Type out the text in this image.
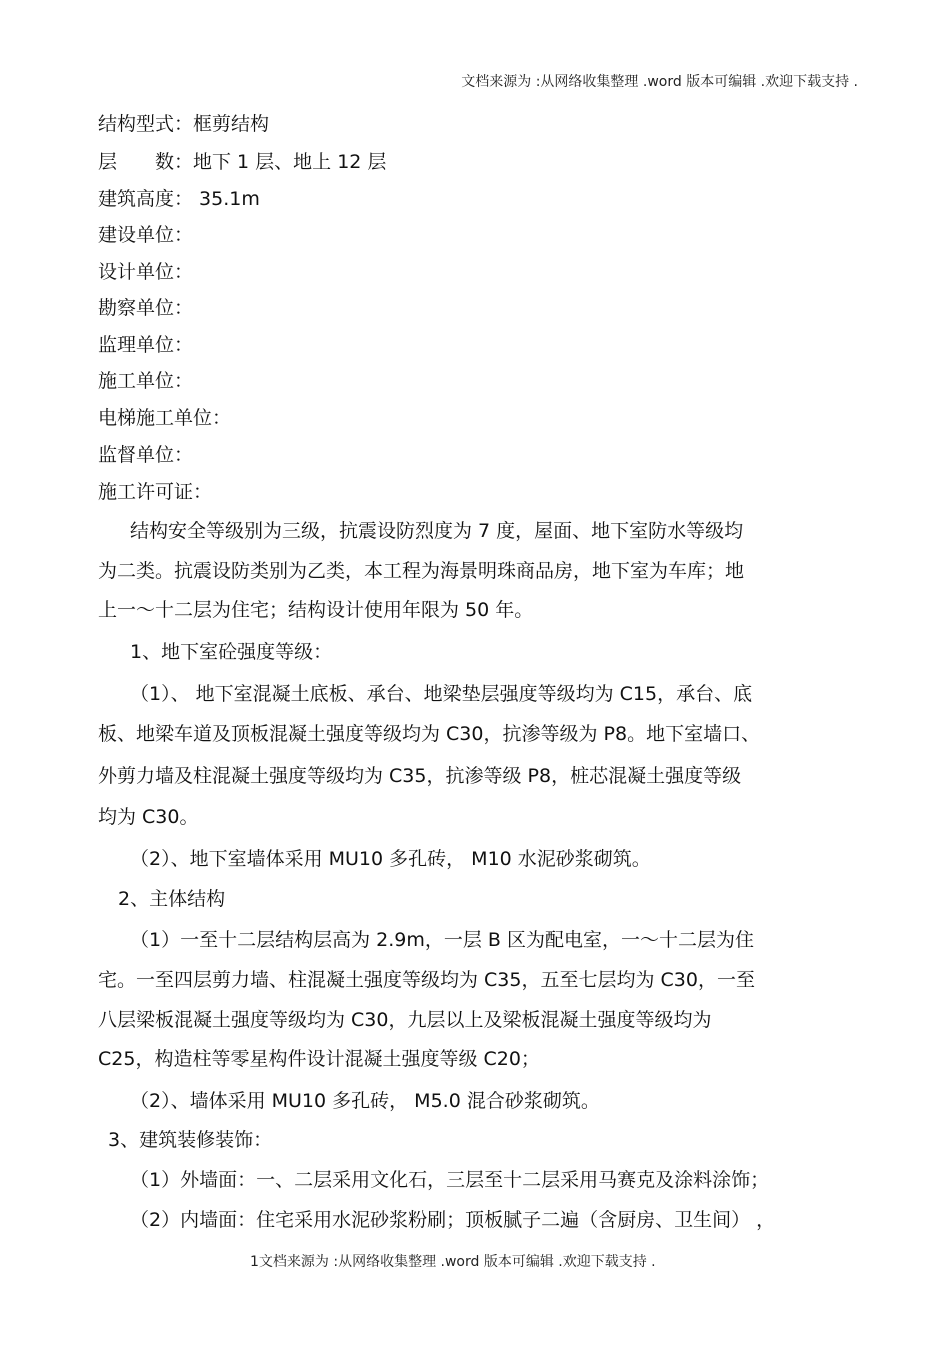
文档来源为 :从网络收集整理 .word 版本可编辑 .欢迎下载支持 .
结构型式：框剪结构
层　　数：地下 1 层、地上 12 层
建筑高度： 35.1m
建设单位：
设计单位：
勘察单位：
监理单位：
施工单位：
电梯施工单位：
监督单位：
施工许可证：
结构安全等级别为三级，抗震设防烈度为 7 度，屋面、地下室防水等级均
为二类。抗震设防类别为乙类，本工程为海景明珠商品房，地下室为车库；地
上一～十二层为住宅；结构设计使用年限为 50 年。
1、地下室砼强度等级：
（1）、 地下室混凝土底板、承台、地梁垫层强度等级均为 C15，承台、底
板、地梁车道及顶板混凝土强度等级均为 C30，抗渗等级为 P8。地下室墙口、
外剪力墙及柱混凝土强度等级均为 C35，抗渗等级 P8，桩芯混凝土强度等级
均为 C30。
（2）、地下室墙体采用 MU10 多孔砖， M10 水泥砂浆砌筑。
2、主体结构
（1）一至十二层结构层高为 2.9m，一层 B 区为配电室，一～十二层为住
宅。一至四层剪力墙、柱混凝土强度等级均为 C35，五至七层均为 C30，一至
八层梁板混凝土强度等级均为 C30，九层以上及梁板混凝土强度等级均为
C25，构造柱等零星构件设计混凝土强度等级 C20；
（2）、墙体采用 MU10 多孔砖， M5.0 混合砂浆砌筑。
3、建筑装修装饰：
（1）外墙面：一、二层采用文化石，三层至十二层采用马赛克及涂料涂饰；
（2）内墙面：住宅采用水泥砂浆粉刷；顶板腻子二遍（含厨房、卫生间） ，
1文档来源为 :从网络收集整理 .word 版本可编辑 .欢迎下载支持 .
